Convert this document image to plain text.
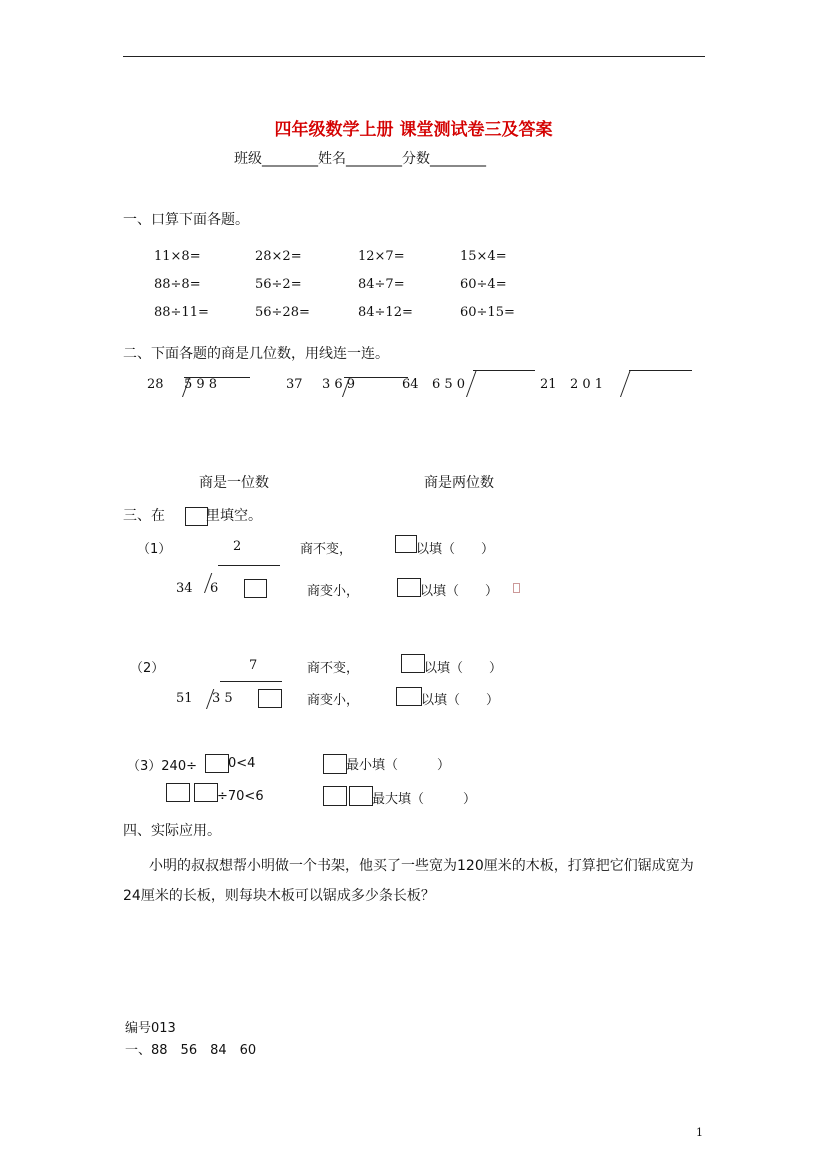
四年级数学上册 课堂测试卷三及答案
班级________姓名________分数________
一、口算下面各题。
11×8=	28×2=	12×7=	15×4=
88÷8=	56÷2=	84÷7=	60÷4=
88÷11=	56÷28=	84÷12=	60÷15=
二、下面各题的商是几位数，用线连一连。
28 5 9 8	37 3 6 9	64 6 5 0	21 2 0 1
商是一位数	商是两位数
三、在	里填空。
（1）	2
34 6
商不变，	以填（　　）
商变小，	以填（　　）
（2）	7
51 3 5
商不变，	以填（　　）
商变小，	以填（　　）
（3）240÷ 0<4	最小填（　　　）
÷70<6	最大填（　　　）
四、实际应用。
小明的叔叔想帮小明做一个书架，他买了一些宽为120厘米的木板，打算把它们锯成宽为24厘米的长板，则每块木板可以锯成多少条长板？
编号013
一、88　56　84　60
1
